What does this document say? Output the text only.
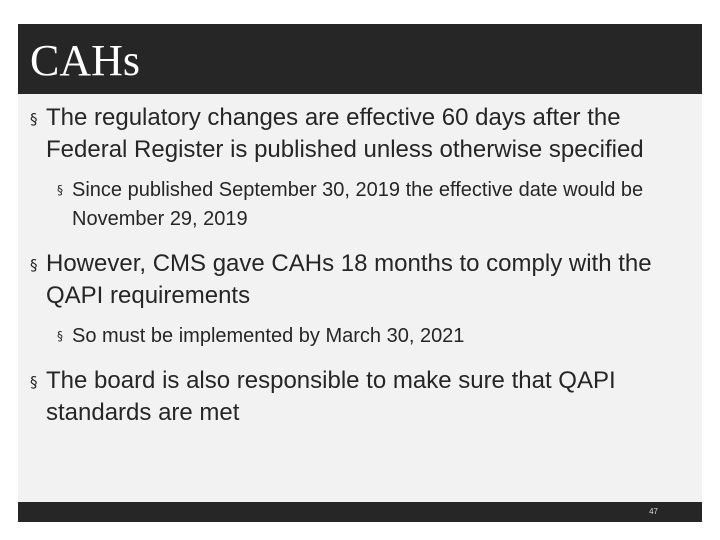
CAHs
§ The regulatory changes are effective 60 days after the Federal Register is published unless otherwise specified
§ Since published September 30, 2019 the effective date would be November 29, 2019
§ However, CMS gave CAHs 18 months to comply with the QAPI requirements
§ So must be implemented by March 30, 2021
§ The board is also responsible to make sure that QAPI standards are met
47
